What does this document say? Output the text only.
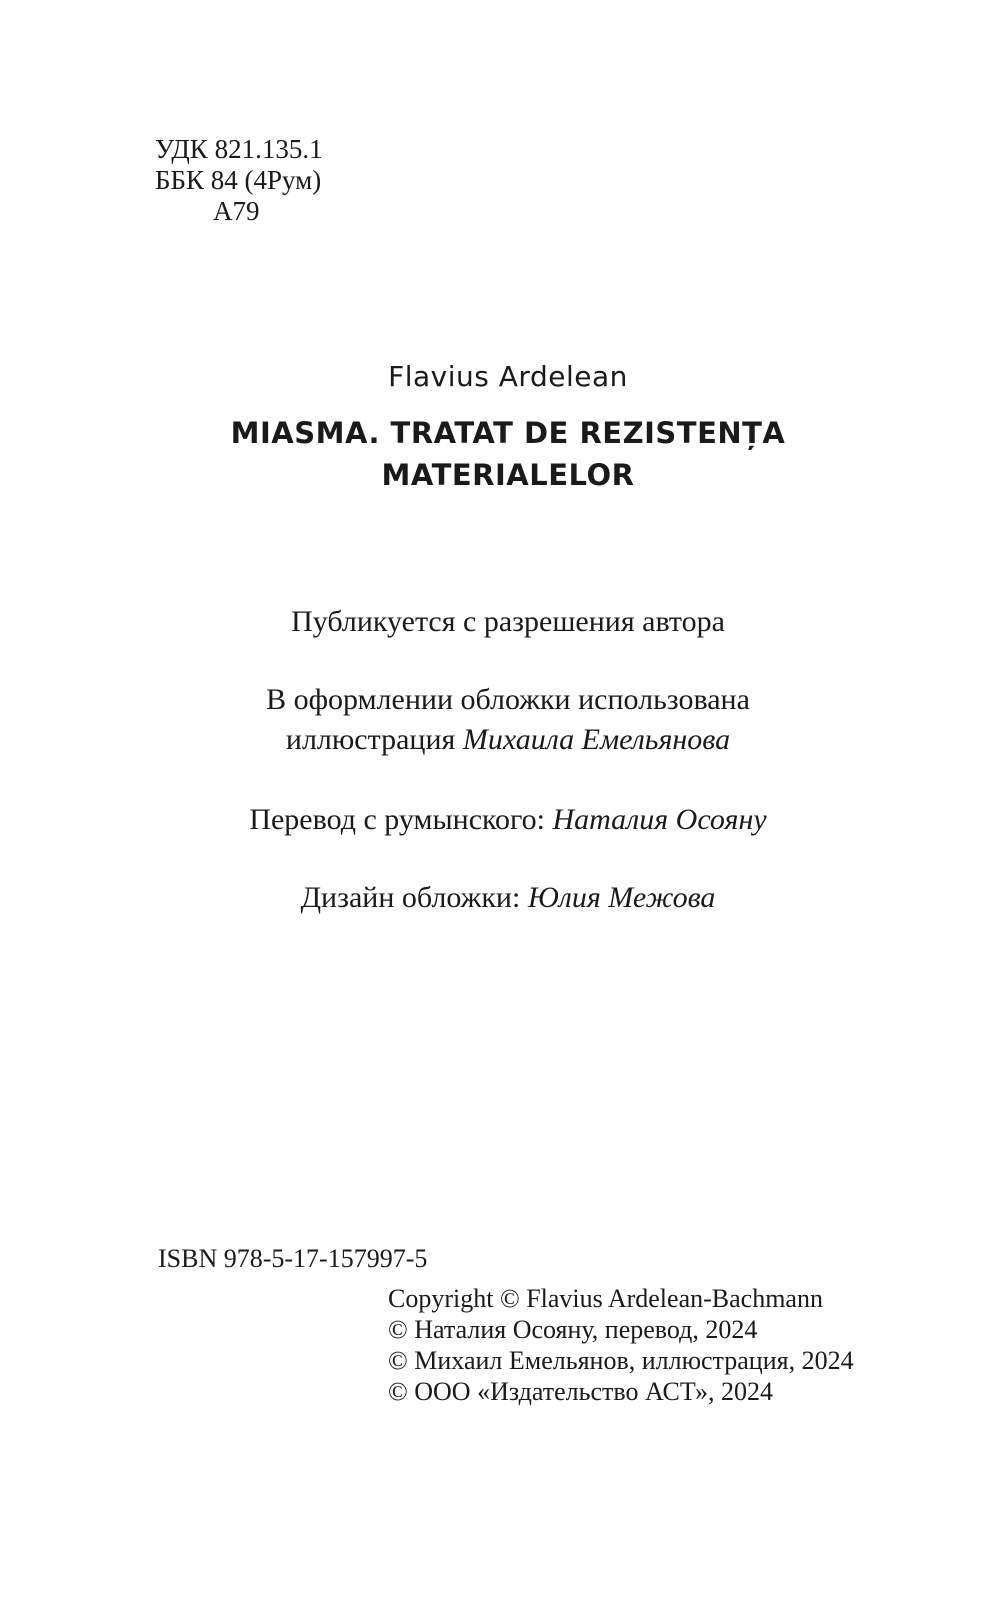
УДК 821.135.1
ББК 84 (4Рум)
А79
Flavius Ardelean
MIASMA. TRATAT DE REZISTENȚA
MATERIALELOR
Публикуется с разрешения автора
В оформлении обложки использована
иллюстрация Михаила Емельянова
Перевод с румынского: Наталия Осояну
Дизайн обложки: Юлия Межова
ISBN 978-5-17-157997-5
Copyright © Flavius Ardelean-Bachmann
© Наталия Осояну, перевод, 2024
© Михаил Емельянов, иллюстрация, 2024
© ООО «Издательство АСТ», 2024
